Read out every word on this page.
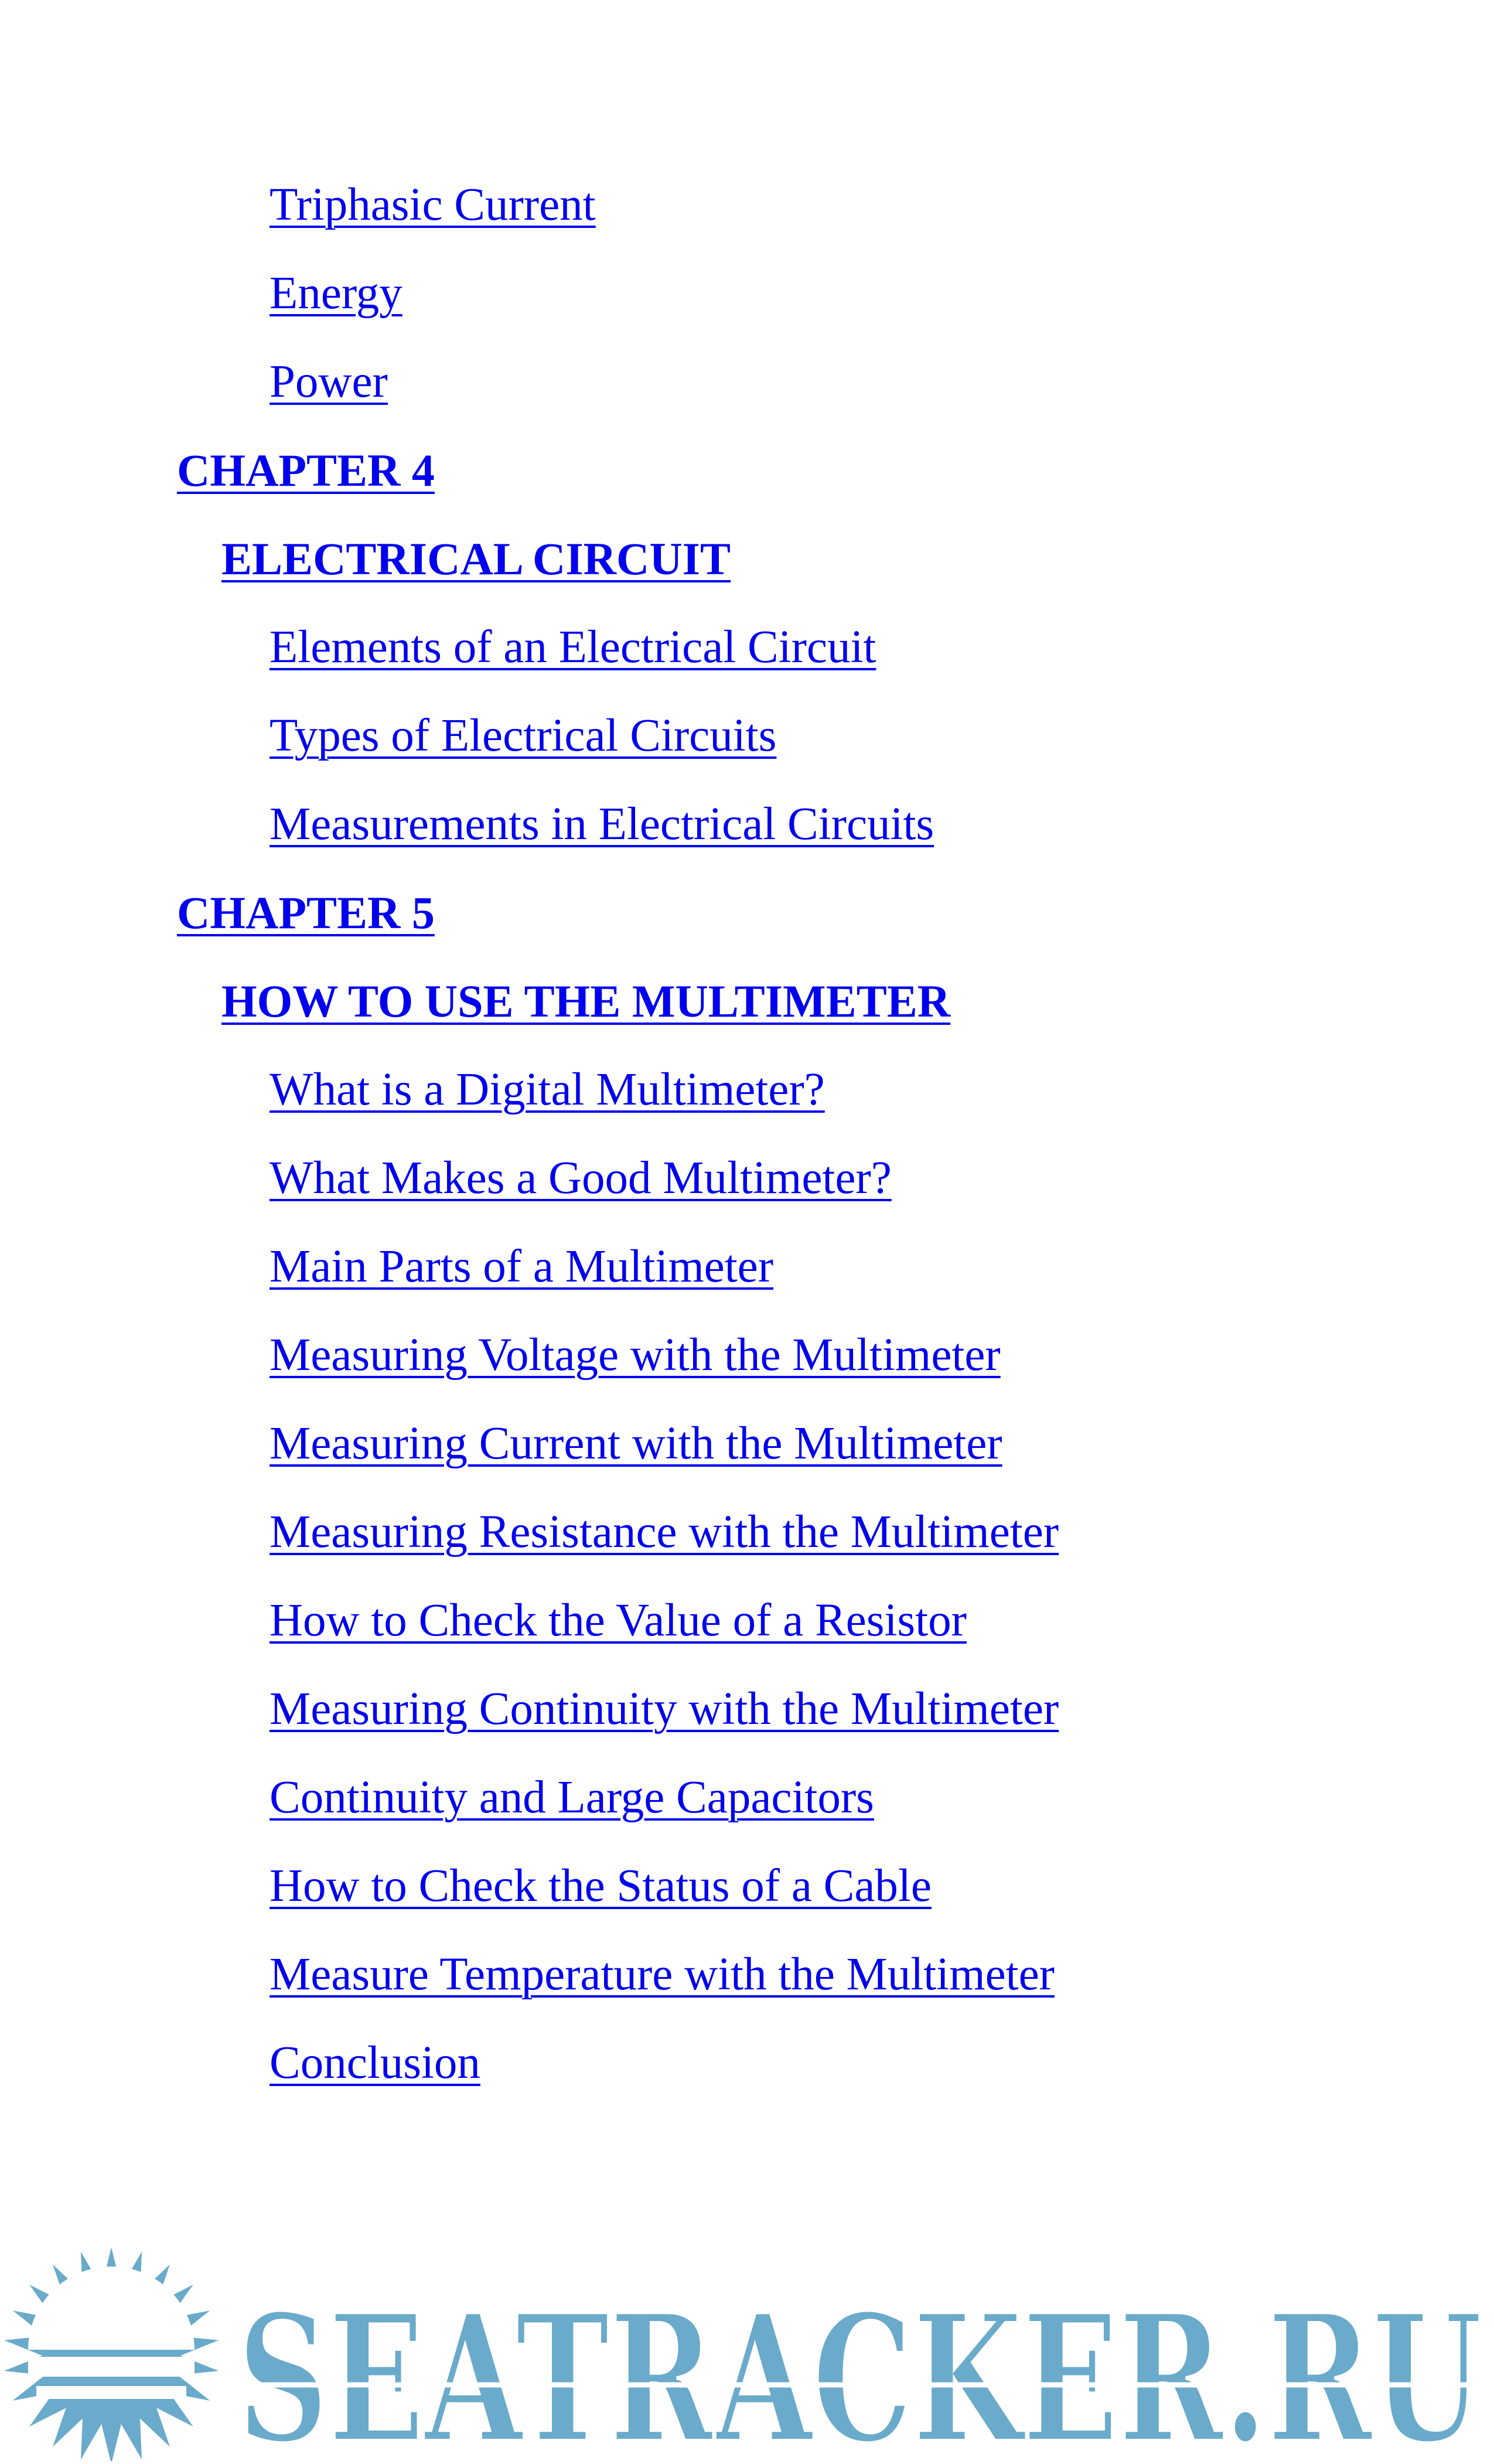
Triphasic Current
Energy
Power
CHAPTER 4
ELECTRICAL CIRCUIT
Elements of an Electrical Circuit
Types of Electrical Circuits
Measurements in Electrical Circuits
CHAPTER 5
HOW TO USE THE MULTIMETER
What is a Digital Multimeter?
What Makes a Good Multimeter?
Main Parts of a Multimeter
Measuring Voltage with the Multimeter
Measuring Current with the Multimeter
Measuring Resistance with the Multimeter
How to Check the Value of a Resistor
Measuring Continuity with the Multimeter
Continuity and Large Capacitors
How to Check the Status of a Cable
Measure Temperature with the Multimeter
Conclusion
SEATRACKER.RU
